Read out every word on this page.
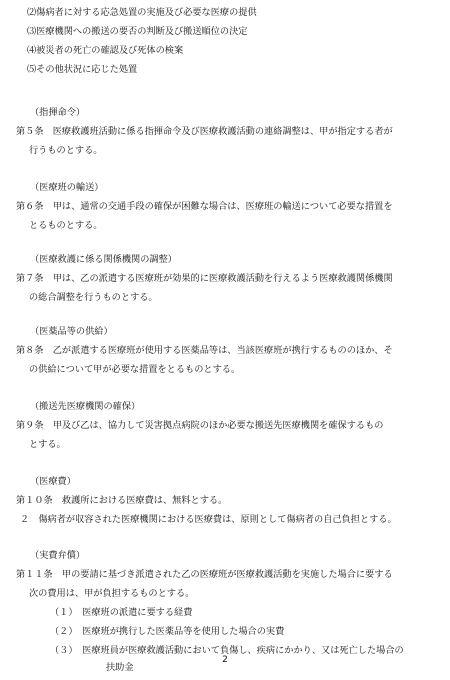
⑵傷病者に対する応急処置の実施及び必要な医療の提供
⑶医療機関への搬送の要否の判断及び搬送順位の決定
⑷被災者の死亡の確認及び死体の検案
⑸その他状況に応じた処置
（指揮命令）
第５条　医療救護班活動に係る指揮命令及び医療救護活動の連絡調整は、甲が指定する者が
行うものとする。
（医療班の輸送）
第６条　甲は、通常の交通手段の確保が困難な場合は、医療班の輸送について必要な措置を
とるものとする。
（医療救護に係る関係機関の調整）
第７条　甲は、乙の派遣する医療班が効果的に医療救護活動を行えるよう医療救護関係機関
の総合調整を行うものとする。
（医薬品等の供給）
第８条　乙が派遣する医療班が使用する医薬品等は、当該医療班が携行するもののほか、そ
の供給について甲が必要な措置をとるものとする。
（搬送先医療機関の確保）
第９条　甲及び乙は、協力して災害拠点病院のほか必要な搬送先医療機関を確保するもの
とする。
（医療費）
第１０条　救護所における医療費は、無料とする。
２　傷病者が収容された医療機関における医療費は、原則として傷病者の自己負担とする。
（実費弁償）
第１１条　甲の要請に基づき派遣された乙の医療班が医療救護活動を実施した場合に要する
次の費用は、甲が負担するものとする。
（１）　医療班の派遣に要する経費
（２）　医療班が携行した医薬品等を使用した場合の実費
（３）　医療班員が医療救護活動において負傷し、疾病にかかり、又は死亡した場合の
扶助金
2
